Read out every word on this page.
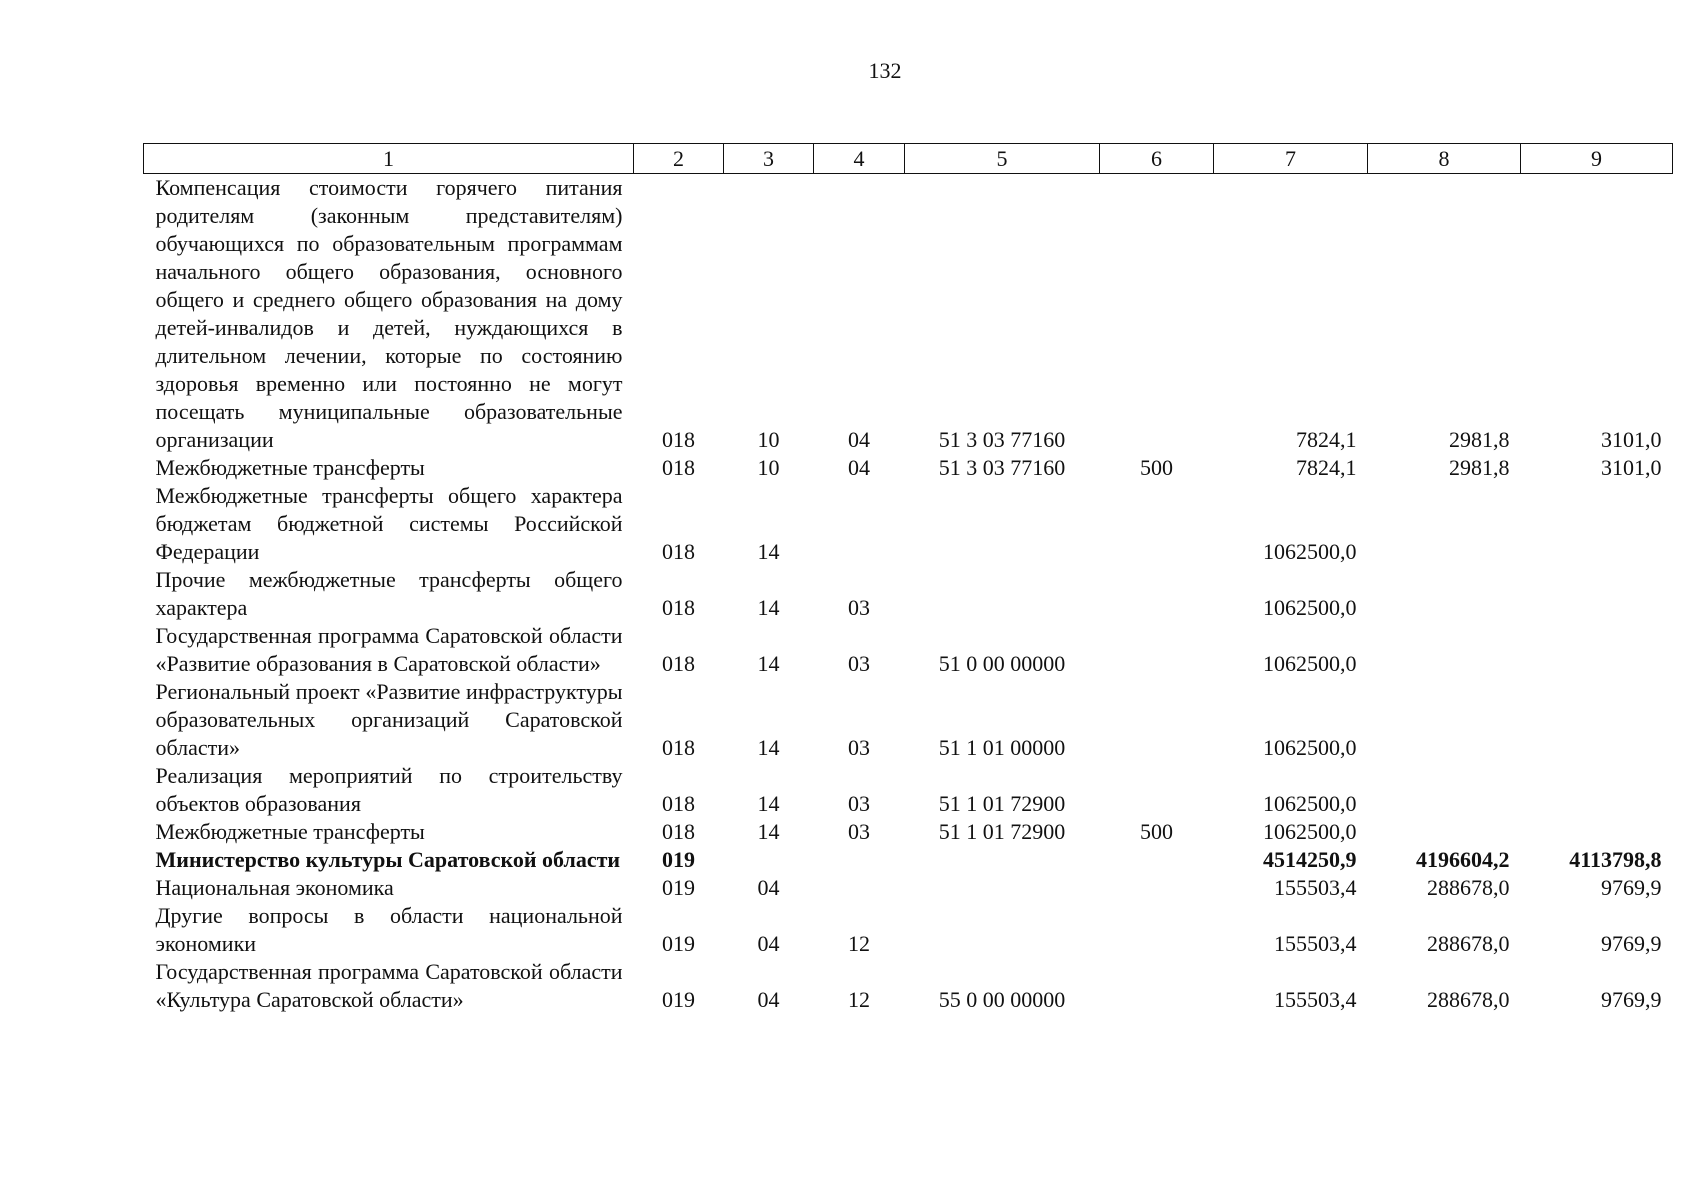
132
1	2	3	4	5	6	7	8	9
Компенсация стоимости горячего питания родителям (законным представителям) обучающихся по образовательным программам начального общего образования, основного общего и среднего общего образования на дому детей-инвалидов и детей, нуждающихся в длительном лечении, которые по состоянию здоровья временно или постоянно не могут посещать муниципальные образовательные организации	018	10	04	51 3 03 77160		7824,1	2981,8	3101,0
Межбюджетные трансферты	018	10	04	51 3 03 77160	500	7824,1	2981,8	3101,0
Межбюджетные трансферты общего характера бюджетам бюджетной системы Российской Федерации	018	14				1062500,0		
Прочие межбюджетные трансферты общего характера	018	14	03			1062500,0		
Государственная программа Саратовской области «Развитие образования в Саратовской области»	018	14	03	51 0 00 00000		1062500,0		
Региональный проект «Развитие инфраструктуры образовательных организаций Саратовской области»	018	14	03	51 1 01 00000		1062500,0		
Реализация мероприятий по строительству объектов образования	018	14	03	51 1 01 72900		1062500,0		
Межбюджетные трансферты	018	14	03	51 1 01 72900	500	1062500,0		
Министерство культуры Саратовской области	019					4514250,9	4196604,2	4113798,8
Национальная экономика	019	04				155503,4	288678,0	9769,9
Другие вопросы в области национальной экономики	019	04	12			155503,4	288678,0	9769,9
Государственная программа Саратовской области «Культура Саратовской области»	019	04	12	55 0 00 00000		155503,4	288678,0	9769,9
